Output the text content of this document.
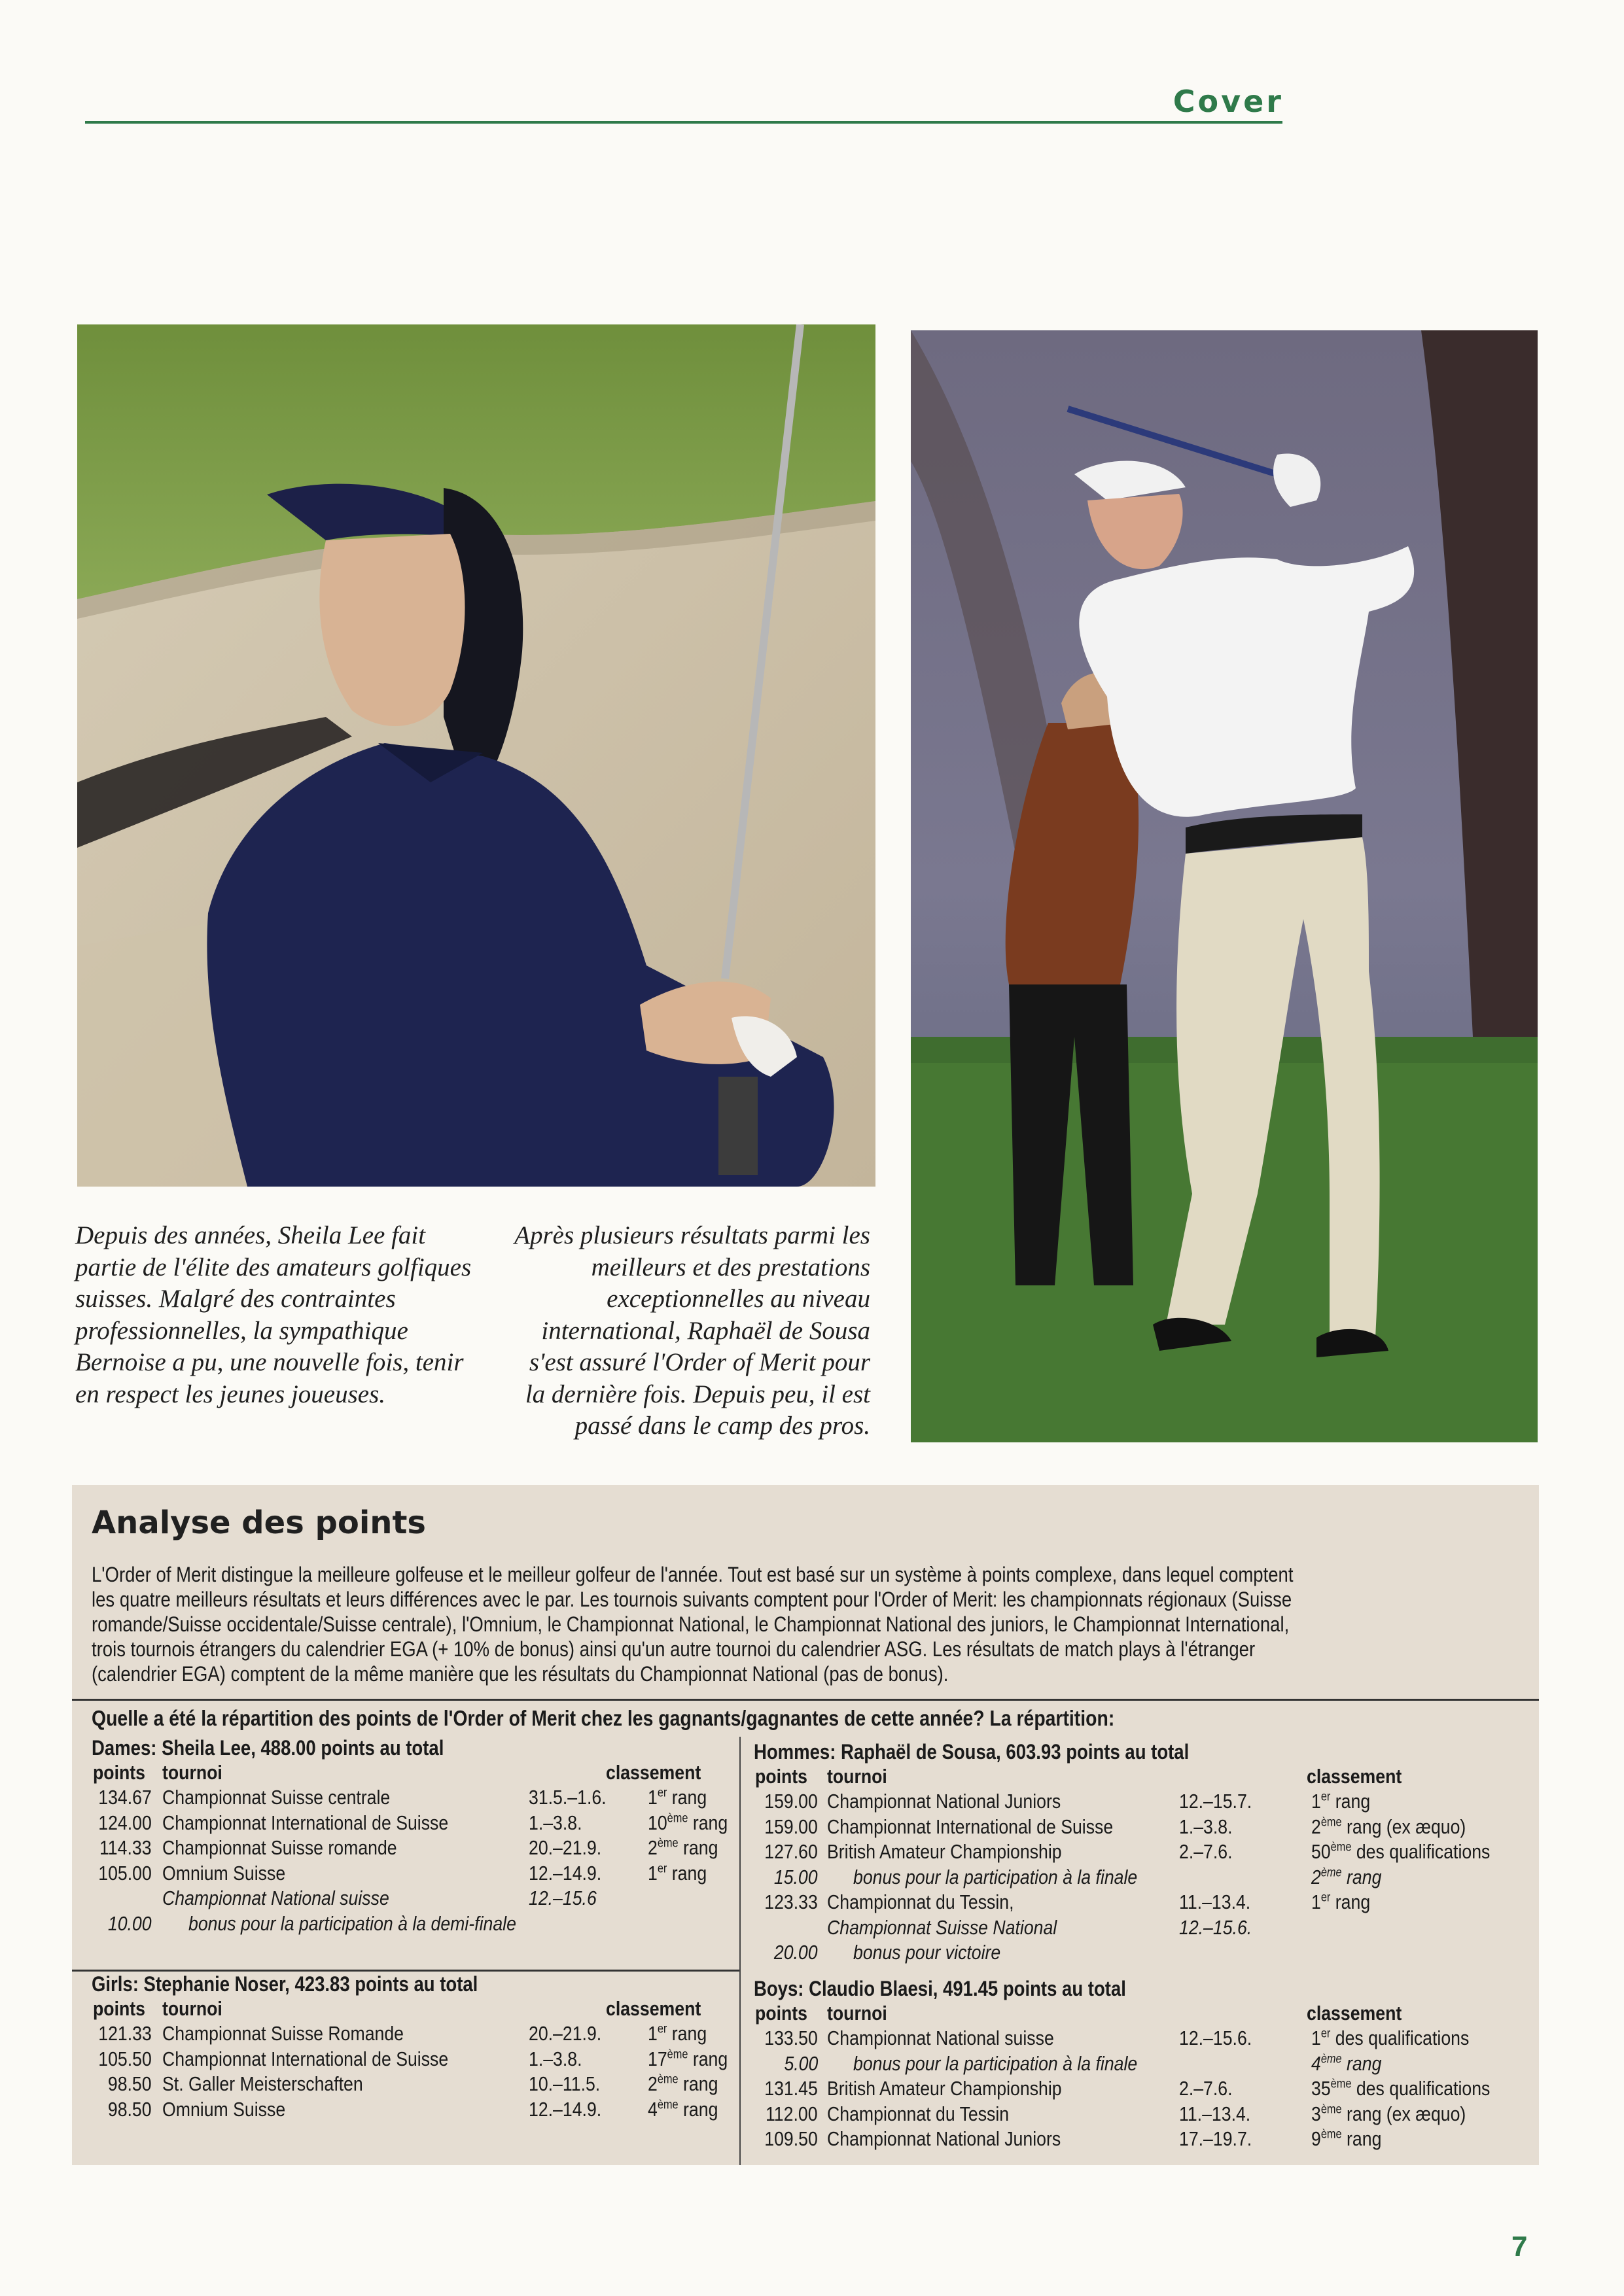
Cover
Depuis des années, Sheila Lee fait partie de l'élite des amateurs golfiques suisses. Malgré des contraintes professionnelles, la sympathique Bernoise a pu, une nouvelle fois, tenir en respect les jeunes joueuses.
Après plusieurs résultats parmi les meilleurs et des prestations exceptionnelles au niveau international, Raphaël de Sousa s'est assuré l'Order of Merit pour la dernière fois. Depuis peu, il est passé dans le camp des pros.
Analyse des points
L'Order of Merit distingue la meilleure golfeuse et le meilleur golfeur de l'année. Tout est basé sur un système à points complexe, dans lequel comptent les quatre meilleurs résultats et leurs différences avec le par. Les tournois suivants comptent pour l'Order of Merit: les championnats régionaux (Suisse romande/Suisse occidentale/Suisse centrale), l'Omnium, le Championnat National, le Championnat National des juniors, le Championnat International, trois tournois étrangers du calendrier EGA (+ 10% de bonus) ainsi qu'un autre tournoi du calendrier ASG. Les résultats de match plays à l'étranger (calendrier EGA) comptent de la même manière que les résultats du Championnat National (pas de bonus).
Quelle a été la répartition des points de l'Order of Merit chez les gagnants/gagnantes de cette année? La répartition:
Dames: Sheila Lee, 488.00 points au total
points tournoi	classement
134.67 Championnat Suisse centrale	31.5.–1.6. 1er rang
124.00 Championnat International de Suisse	1.–3.8.	10ème rang
114.33 Championnat Suisse romande	20.–21.9. 2ème rang
105.00 Omnium Suisse	12.–14.9. 1er rang
Championnat National suisse	12.–15.6
10.00 bonus pour la participation à la demi-finale
Girls: Stephanie Noser, 423.83 points au total
points tournoi	classement
121.33 Championnat Suisse Romande	20.–21.9. 1er rang
105.50 Championnat International de Suisse	1.–3.8.	17ème rang
98.50 St. Galler Meisterschaften	10.–11.5. 2ème rang
98.50 Omnium Suisse	12.–14.9. 4ème rang
Hommes: Raphaël de Sousa, 603.93 points au total
points tournoi	classement
159.00 Championnat National Juniors	12.–15.7.	1er rang
159.00 Championnat International de Suisse	1.–3.8.	2ème rang (ex æquo)
127.60 British Amateur Championship	2.–7.6.	50ème des qualifications
15.00 bonus pour la participation à la finale	2ème rang
123.33 Championnat du Tessin,	11.–13.4.	1er rang
Championnat Suisse National	12.–15.6.
20.00 bonus pour victoire
Boys: Claudio Blaesi, 491.45 points au total
points tournoi	classement
133.50 Championnat National suisse	12.–15.6.	1er des qualifications
5.00 bonus pour la participation à la finale	4ème rang
131.45 British Amateur Championship	2.–7.6.	35ème des qualifications
112.00 Championnat du Tessin	11.–13.4.	3ème rang (ex æquo)
109.50 Championnat National Juniors	17.–19.7.	9ème rang
7
